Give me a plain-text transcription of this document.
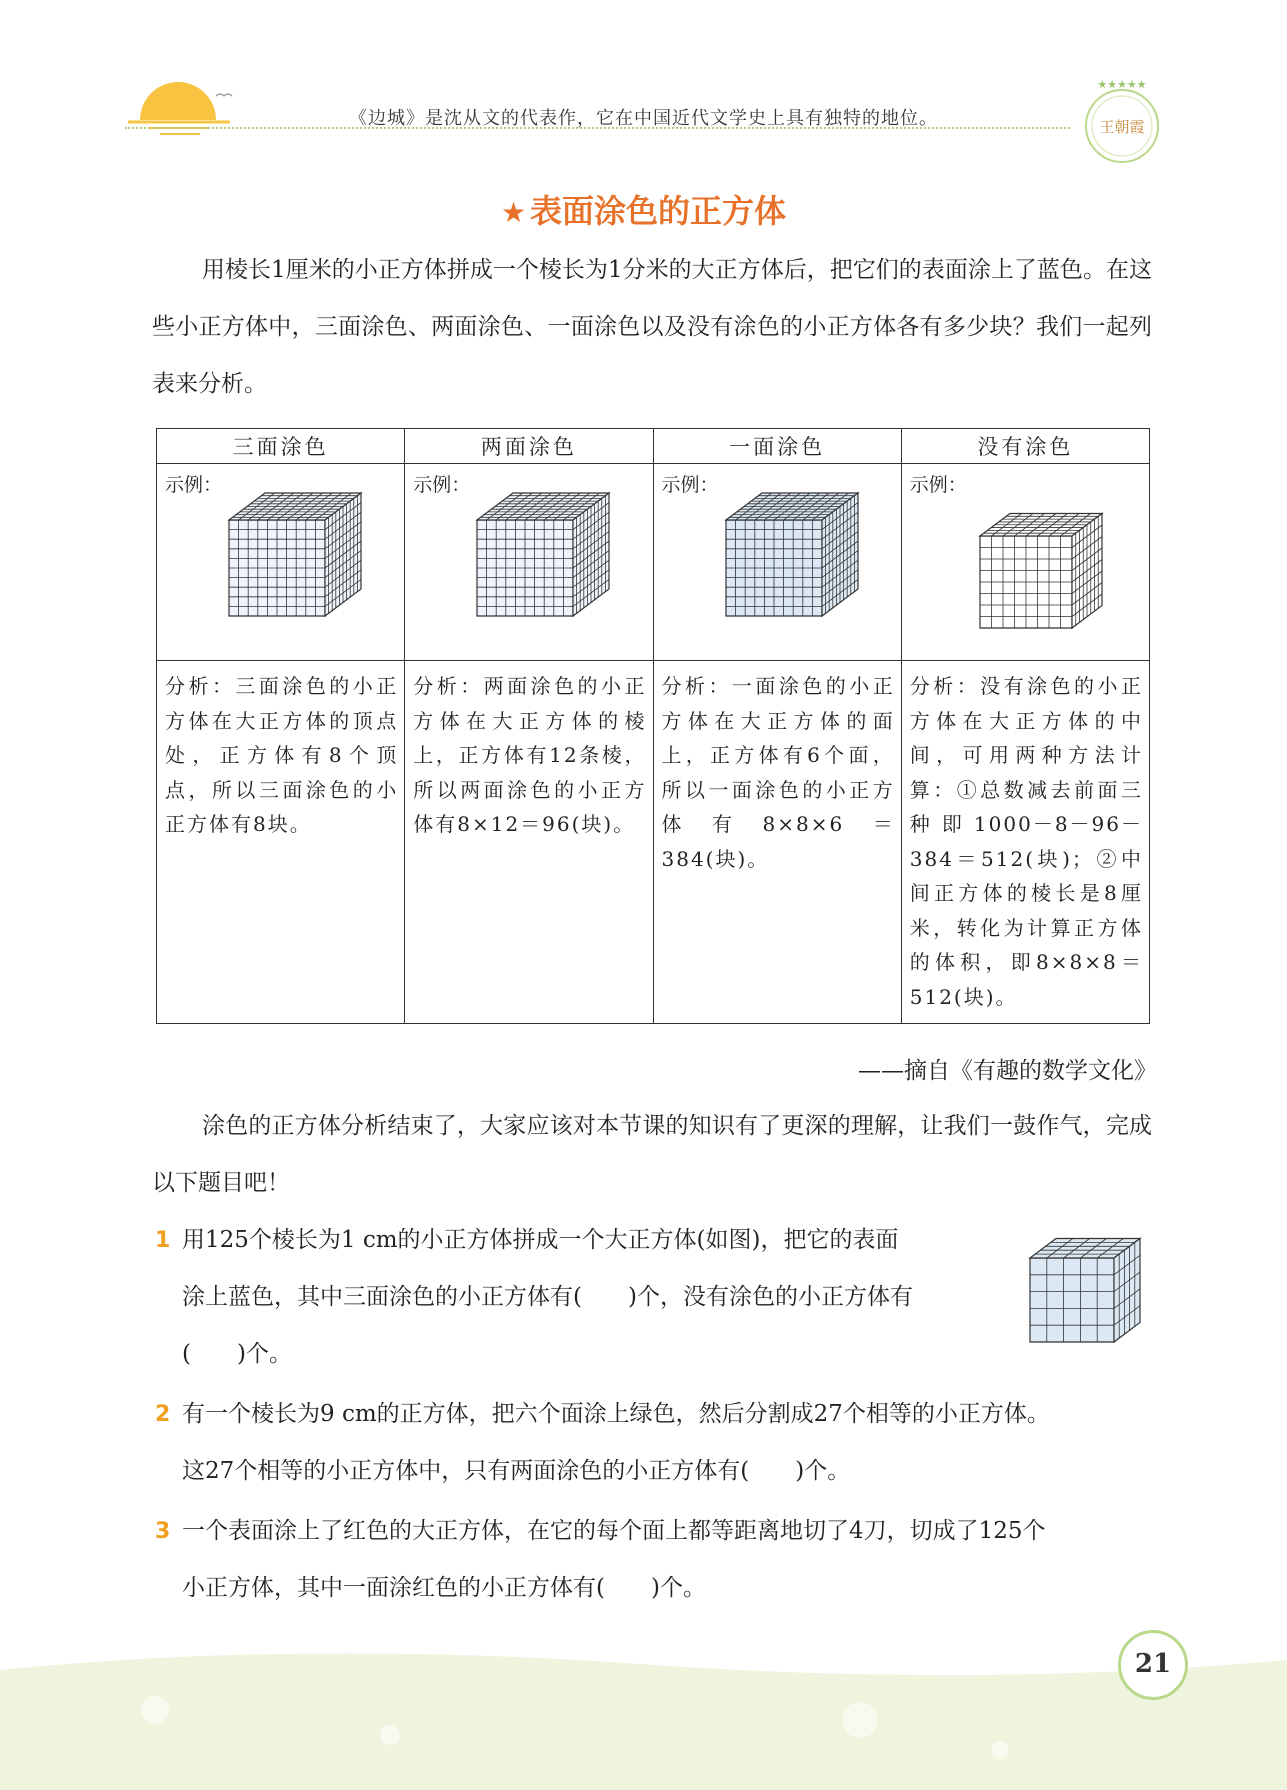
《边城》是沈从文的代表作，它在中国近代文学史上具有独特的地位。
★★★★★
王朝霞
★ 表面涂色的正方体
用棱长1厘米的小正方体拼成一个棱长为1分米的大正方体后，把它们的表面涂上了蓝色。在这些小正方体中，三面涂色、两面涂色、一面涂色以及没有涂色的小正方体各有多少块？我们一起列表来分析。
三面涂色	两面涂色	一面涂色	没有涂色

示例：	示例：	示例：	示例：

分析：三面涂色的小正方体在大正方体的顶点处，正方体有8个顶点，所以三面涂色的小正方体有8块。	分析：两面涂色的小正方体在大正方体的棱上，正方体有12条棱，所以两面涂色的小正方体有8×12＝96(块)。	分析：一面涂色的小正方体在大正方体的面上，正方体有6个面，所以一面涂色的小正方体有8×8×6＝384(块)。	分析：没有涂色的小正方体在大正方体的中间，可用两种方法计算：①总数减去前面三种即1000－8－96－384＝512(块)；②中间正方体的棱长是8厘米，转化为计算正方体的体积，即8×8×8＝512(块)。
——摘自《有趣的数学文化》
涂色的正方体分析结束了，大家应该对本节课的知识有了更深的理解，让我们一鼓作气，完成以下题目吧！
1 用125个棱长为1 cm的小正方体拼成一个大正方体(如图)，把它的表面
涂上蓝色，其中三面涂色的小正方体有(　　)个，没有涂色的小正方体有
(　　)个。
2 有一个棱长为9 cm的正方体，把六个面涂上绿色，然后分割成27个相等的小正方体。
这27个相等的小正方体中，只有两面涂色的小正方体有(　　)个。
3 一个表面涂上了红色的大正方体，在它的每个面上都等距离地切了4刀，切成了125个
小正方体，其中一面涂红色的小正方体有(　　)个。
21
